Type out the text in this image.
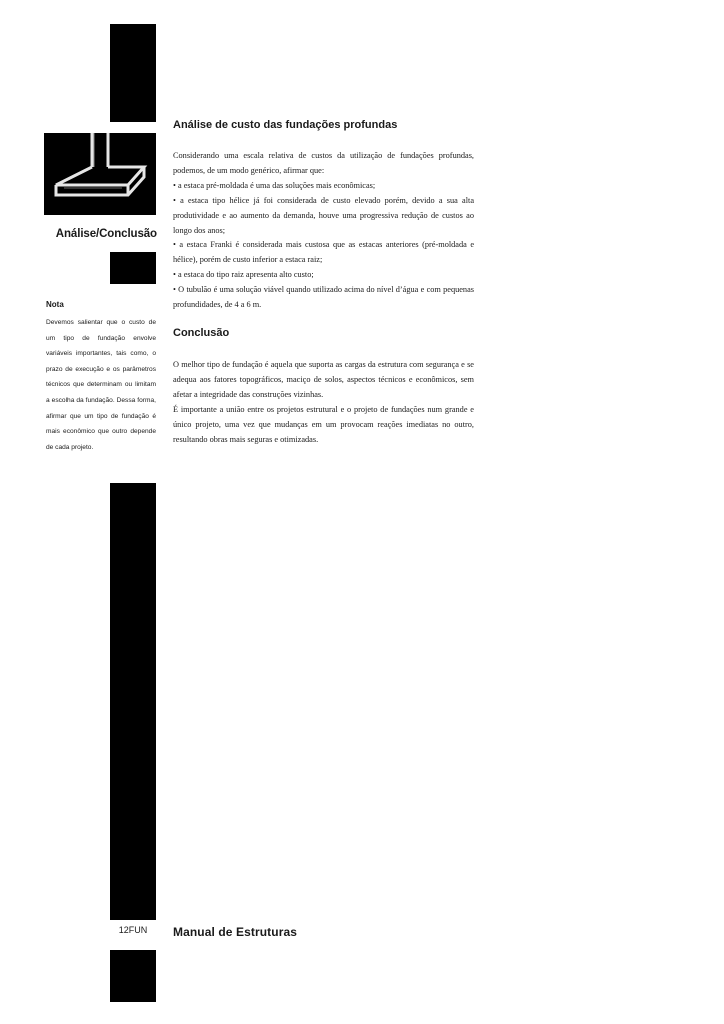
Análise/Conclusão
Nota

Devemos salientar que o custo de um tipo de fundação envolve variáveis importantes, tais como, o prazo de execução e os parâmetros técnicos que determinam ou limitam a escolha da fundação. Dessa forma, afirmar que um tipo de fundação é mais econômico que outro depende de cada projeto.

12FUN	Manual de Estruturas
Análise de custo das fundações profundas

Considerando uma escala relativa de custos da utilização de fundações profundas, podemos, de um modo genérico, afirmar que:

• a estaca pré-moldada é uma das soluções mais econômicas;

• a estaca tipo hélice já foi considerada de custo elevado porém, devido a sua alta produtividade e ao aumento da demanda, houve uma progressiva redução de custos ao longo dos anos;

• a estaca Franki é considerada mais custosa que as estacas anteriores (pré-moldada e hélice), porém de custo inferior a estaca raiz;

• a estaca do tipo raiz apresenta alto custo;

• O tubulão é uma solução viável quando utilizado acima do nível d’água e com pequenas profundidades, de 4 a 6 m.

Conclusão

O melhor tipo de fundação é aquela que suporta as cargas da estrutura com segurança e se adequa aos fatores topográficos, maciço de solos, aspectos técnicos e econômicos, sem afetar a integridade das construções vizinhas.

É importante a união entre os projetos estrutural e o projeto de fundações num grande e único projeto, uma vez que mudanças em um provocam reações imediatas no outro, resultando obras mais seguras e otimizadas.
